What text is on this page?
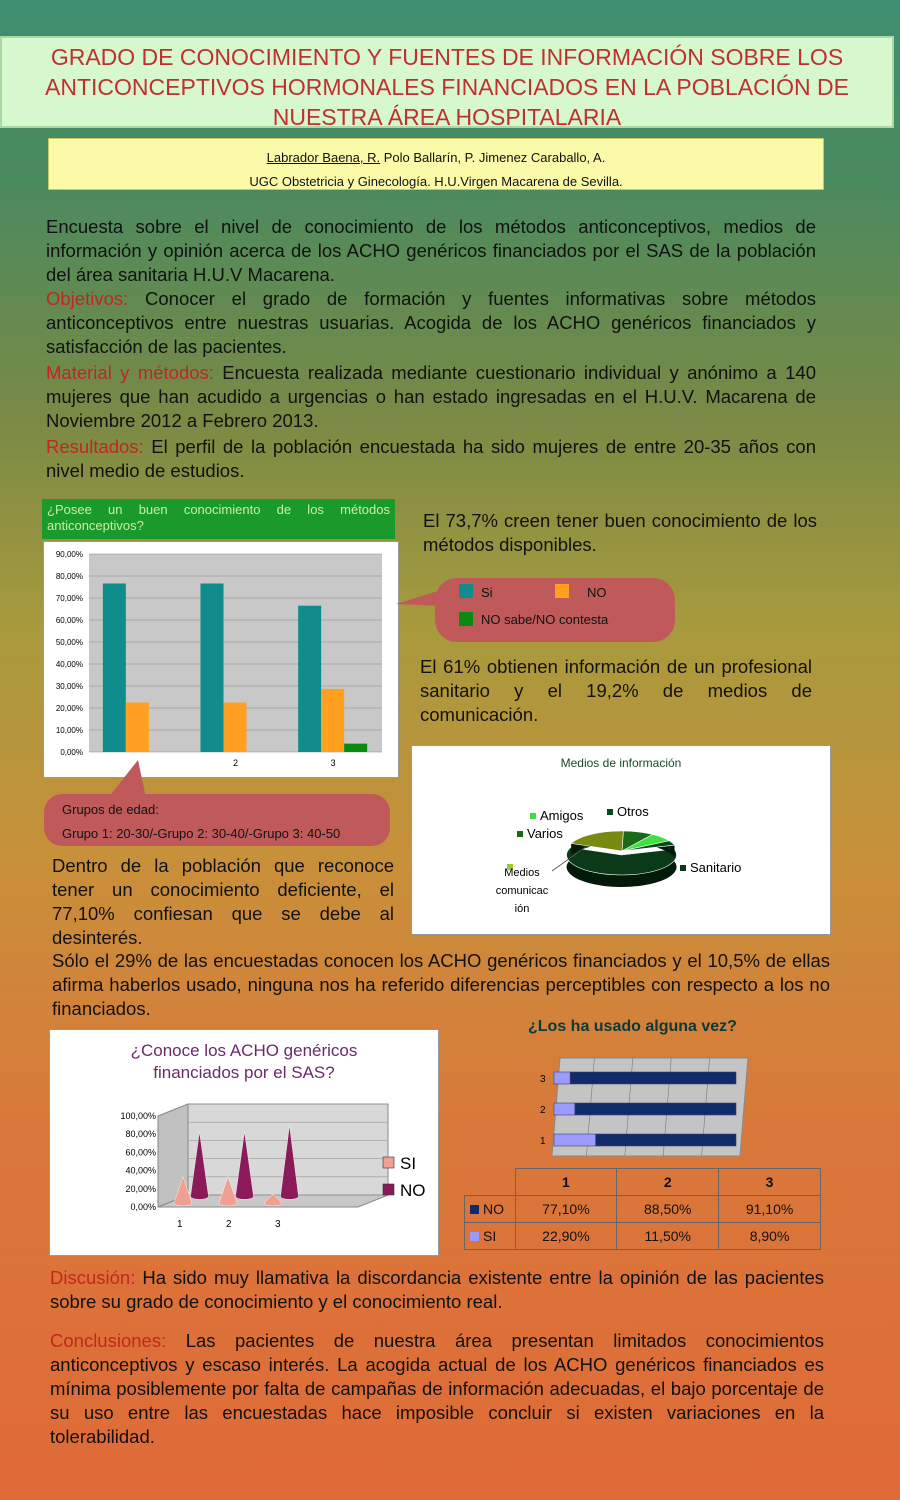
GRADO DE CONOCIMIENTO Y FUENTES DE INFORMACIÓN SOBRE LOS
ANTICONCEPTIVOS HORMONALES FINANCIADOS EN LA POBLACIÓN DE
NUESTRA ÁREA HOSPITALARIA
Labrador Baena, R. Polo Ballarín, P. Jimenez Caraballo, A.
UGC Obstetricia y Ginecología. H.U.Virgen Macarena de Sevilla.
Encuesta sobre el nivel de conocimiento de los métodos anticonceptivos, medios de información y opinión acerca de los ACHO genéricos financiados por el SAS de la población del área sanitaria H.U.V Macarena.
Objetivos: Conocer el grado de formación y fuentes informativas sobre métodos anticonceptivos entre nuestras usuarias. Acogida de los ACHO genéricos financiados y satisfacción de las pacientes.
Material y métodos: Encuesta realizada mediante cuestionario individual y anónimo a 140 mujeres que han acudido a urgencias o han estado ingresadas en el H.U.V. Macarena de Noviembre 2012 a Febrero 2013.
Resultados: El perfil de la población encuestada ha sido mujeres de entre 20-35 años con nivel medio de estudios.
¿Posee un buen conocimiento de los métodos anticonceptivos?
90,00%
80,00%
70,00%
60,00%
50,00%
40,00%
30,00%
20,00%
10,00%
0,00%
2	3
Si	NO
NO sabe/NO contesta
El 73,7% creen tener buen conocimiento de los métodos disponibles.
El 61% obtienen información de un profesional sanitario y el 19,2% de medios de comunicación.
Medios de información
Sanitario
Varios
Amigos	Otros
Medios
comunicac
ión
Grupos de edad:
Grupo 1: 20-30/-Grupo 2: 30-40/-Grupo 3: 40-50
Dentro de la población que reconoce tener un conocimiento deficiente, el 77,10% confiesan que se debe al desinterés.
Sólo el 29% de las encuestadas conocen los ACHO genéricos financiados y el 10,5% de ellas afirma haberlos usado, ninguna nos ha referido diferencias perceptibles con respecto a los no financiados.
100,00%
80,00%
60,00%
40,00%
20,00%
0,00%
1	2	3
SI
NO
¿Conoce los ACHO genéricos
financiados por el SAS?
¿Los ha usado alguna vez?
3
2
1
	1	2	3
NO	77,10%	88,50%	91,10%
SI	22,90%	11,50%	8,90%
Discusión: Ha sido muy llamativa la discordancia existente entre la opinión de las pacientes sobre su grado de conocimiento y el conocimiento real.
Conclusiones: Las pacientes de nuestra área presentan limitados conocimientos anticonceptivos y escaso interés. La acogida actual de los ACHO genéricos financiados es mínima posiblemente por falta de campañas de información adecuadas, el bajo porcentaje de su uso entre las encuestadas hace imposible concluir si existen variaciones en la tolerabilidad.
